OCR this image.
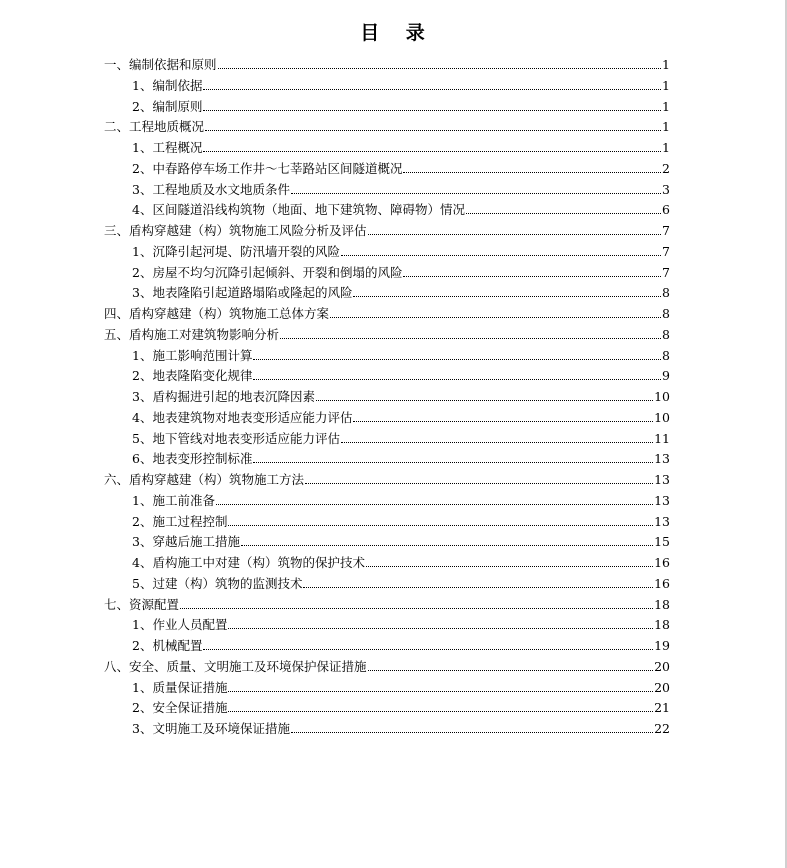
目 录
一、编制依据和原则	1
1、编制依据	1
2、编制原则	1
二、工程地质概况	1
1、工程概况	1
2、中春路停车场工作井～七莘路站区间隧道概况	2
3、工程地质及水文地质条件	3
4、区间隧道沿线构筑物（地面、地下建筑物、障碍物）情况	6
三、盾构穿越建（构）筑物施工风险分析及评估	7
1、沉降引起河堤、防汛墙开裂的风险	7
2、房屋不均匀沉降引起倾斜、开裂和倒塌的风险	7
3、地表隆陷引起道路塌陷或隆起的风险	8
四、盾构穿越建（构）筑物施工总体方案	8
五、盾构施工对建筑物影响分析	8
1、施工影响范围计算	8
2、地表隆陷变化规律	9
3、盾构掘进引起的地表沉降因素	10
4、地表建筑物对地表变形适应能力评估	10
5、地下管线对地表变形适应能力评估	11
6、地表变形控制标准	13
六、盾构穿越建（构）筑物施工方法	13
1、施工前准备	13
2、施工过程控制	13
3、穿越后施工措施	15
4、盾构施工中对建（构）筑物的保护技术	16
5、过建（构）筑物的监测技术	16
七、资源配置	18
1、作业人员配置	18
2、机械配置	19
八、安全、质量、文明施工及环境保护保证措施	20
1、质量保证措施	20
2、安全保证措施	21
3、文明施工及环境保证措施	22
